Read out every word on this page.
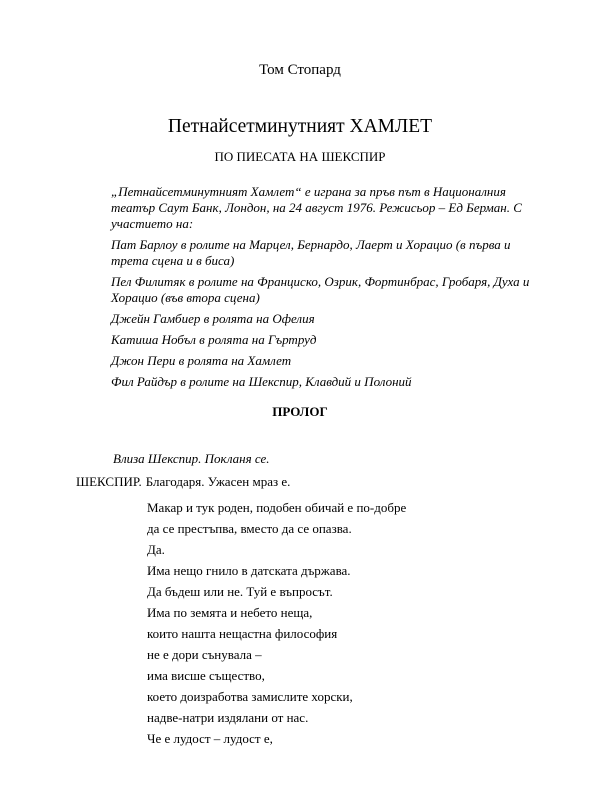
Том Стопард
Петнайсетминутният ХАМЛЕТ
ПО ПИЕСАТА НА ШЕКСПИР

„Петнайсетминутният Хамлет“ е играна за пръв път в Националния театър Саут Банк, Лондон, на 24 август 1976. Режисьор – Ед Берман. С участието на:

Пат Барлоу в ролите на Марцел, Бернардо, Лаерт и Хорацио (в първа и трета сцена и в биса)

Пел Филитяк в ролите на Франциско, Озрик, Фортинбрас, Гробаря, Духа и Хорацио (във втора сцена)

Джейн Гамбиер в ролята на Офелия

Катиша Нобъл в ролята на Гъртруд

Джон Пери в ролята на Хамлет

Фил Райдър в ролите на Шекспир, Клавдий и Полоний

ПРОЛОГ
Влиза Шекспир. Покланя се.
ШЕКСПИР. Благодаря. Ужасен мраз е.
Макар и тук роден, подобен обичай е по-добре
да се престъпва, вместо да се опазва.
Да.
Има нещо гнило в датската държава.
Да бъдеш или не. Туй е въпросът.
Има по земята и небето неща,
които нашта нещастна философия
не е дори сънувала –
има висше същество,
което доизработва замислите хорски,
надве-натри издялани от нас.
Че е лудост – лудост е,
